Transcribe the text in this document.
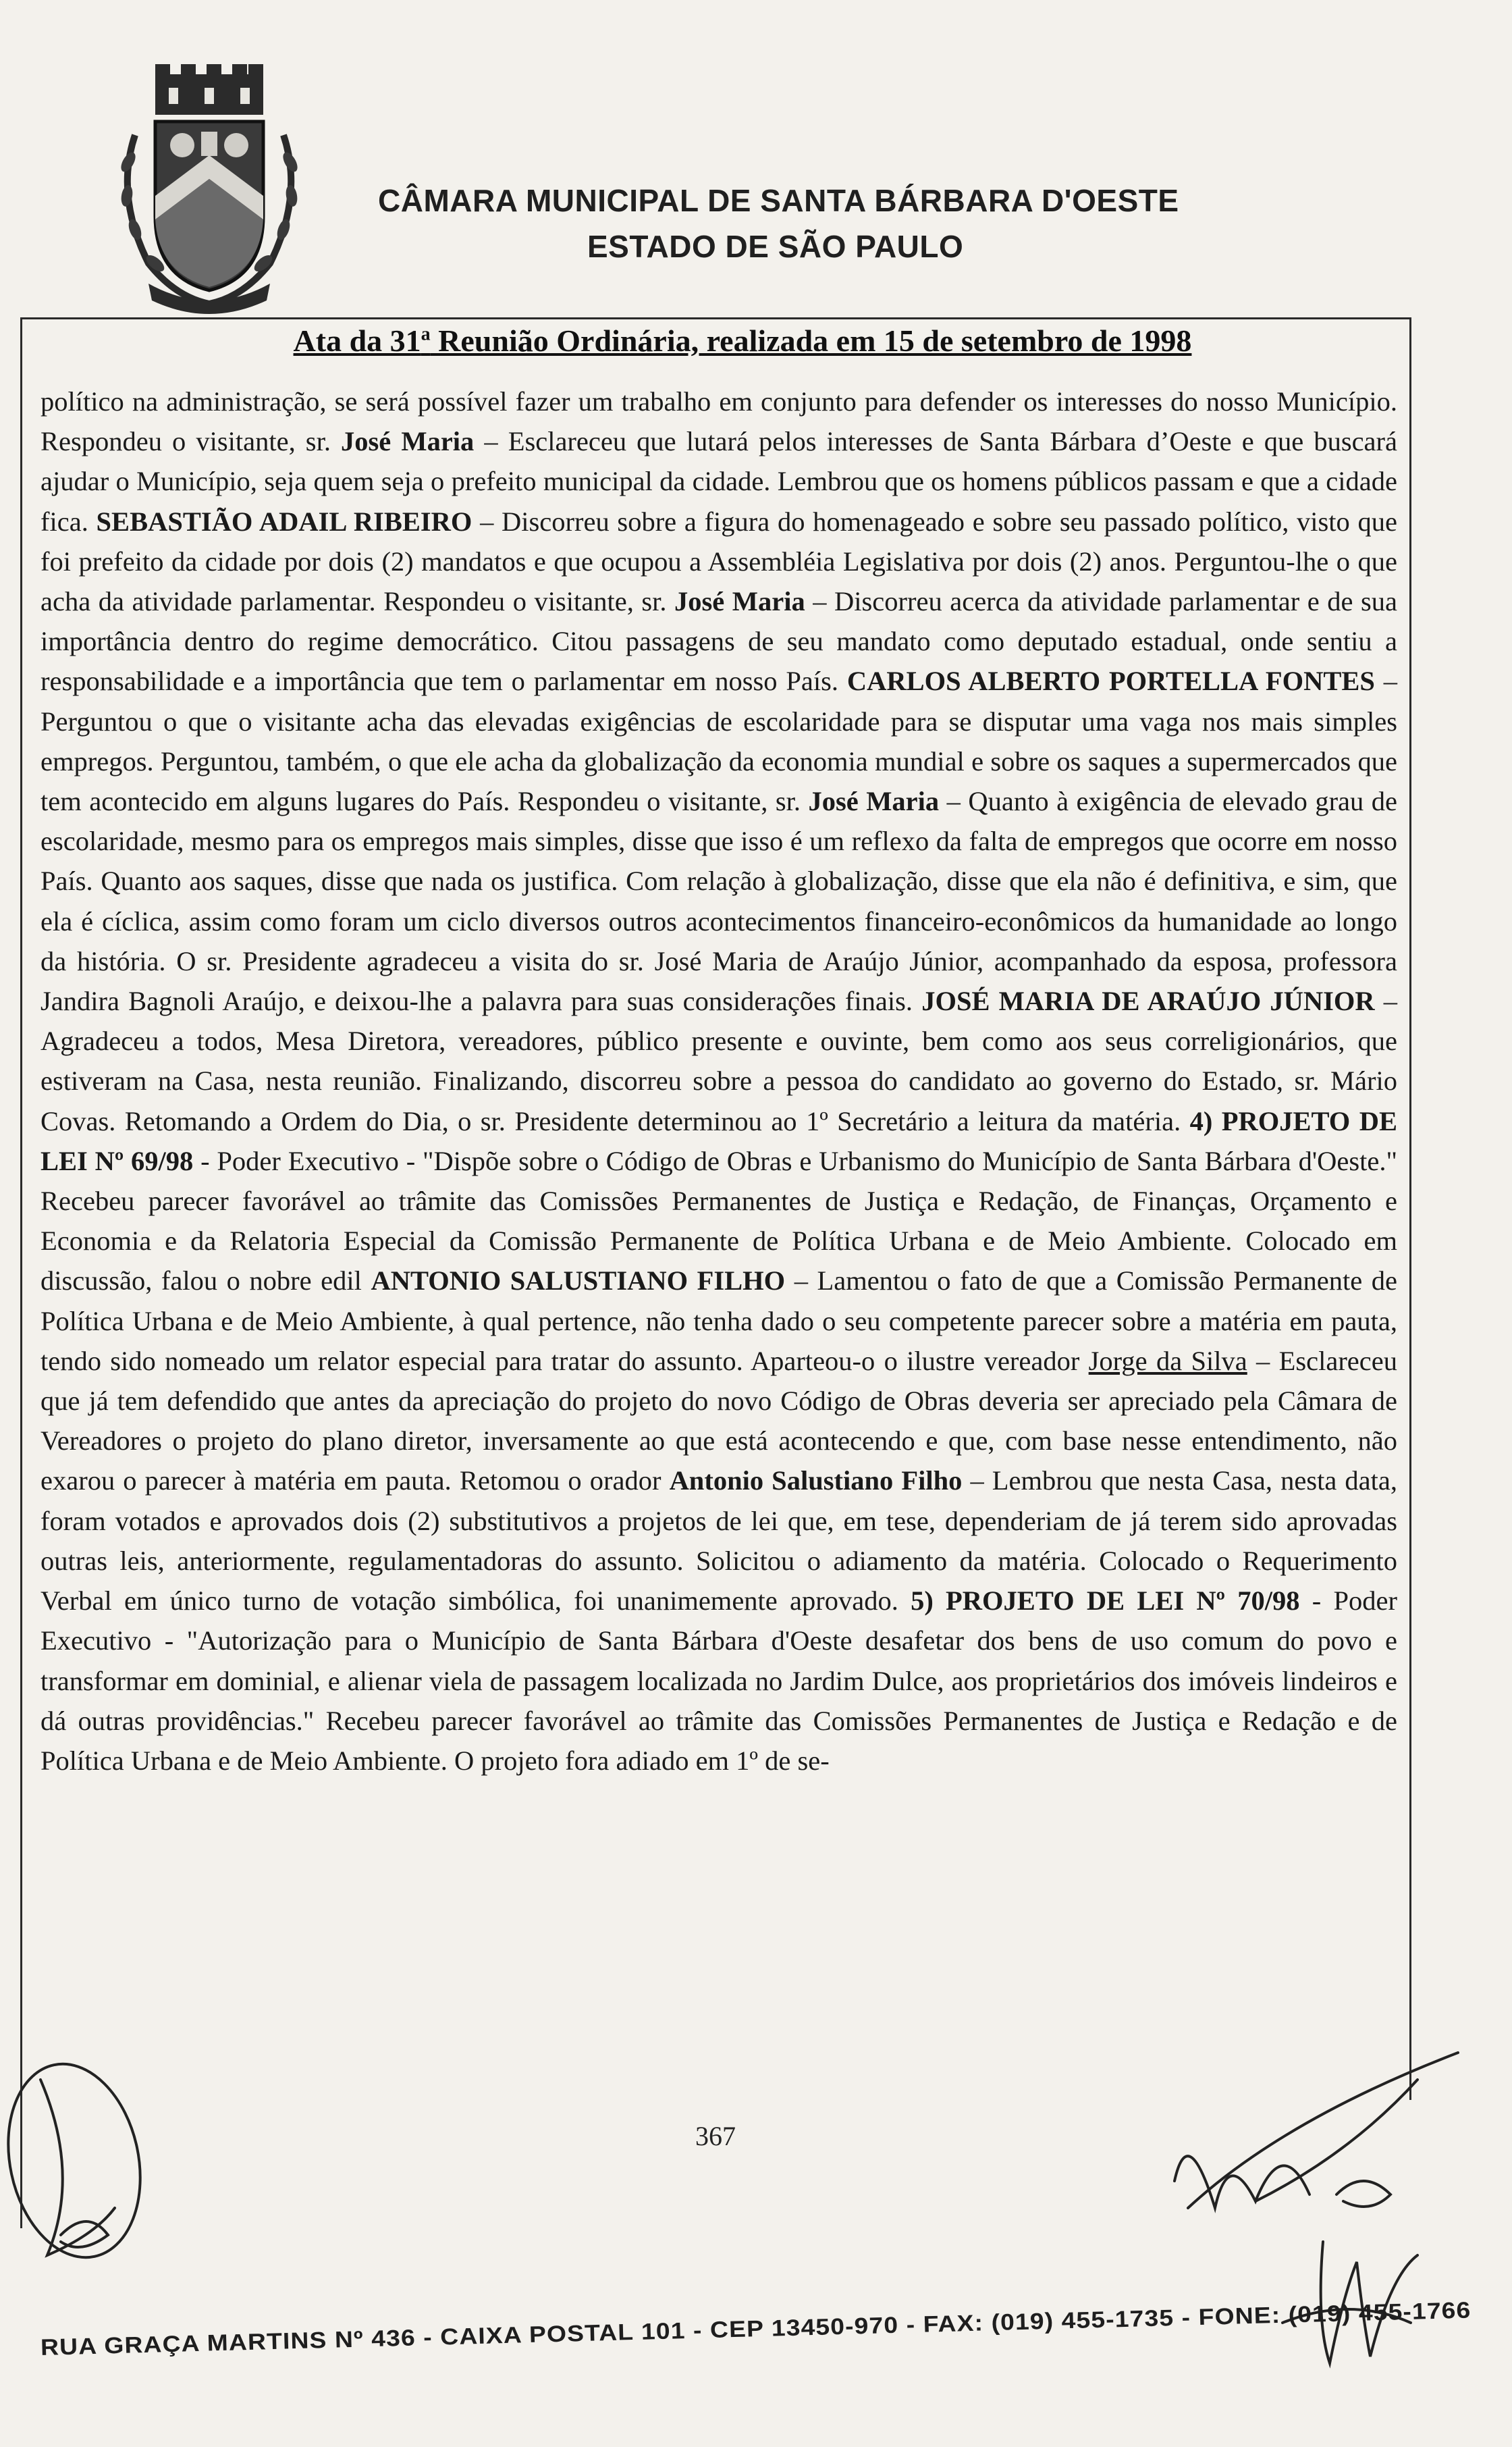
CÂMARA MUNICIPAL DE SANTA BÁRBARA D'OESTE
ESTADO DE SÃO PAULO
Ata da 31$^a$ Reunião Ordinária, realizada em 15 de setembro de 1998

político na administração, se será possível fazer um trabalho em conjunto para defender os interesses do nosso Município. Respondeu o visitante, sr. José Maria – Esclareceu que lutará pelos interesses de Santa Bárbara d’Oeste e que buscará ajudar o Município, seja quem seja o prefeito municipal da cidade. Lembrou que os homens públicos passam e que a cidade fica. SEBASTIÃO ADAIL RIBEIRO – Discorreu sobre a figura do homenageado e sobre seu passado político, visto que foi prefeito da cidade por dois (2) mandatos e que ocupou a Assembléia Legislativa por dois (2) anos. Perguntou-lhe o que acha da atividade parlamentar. Respondeu o visitante, sr. José Maria – Discorreu acerca da atividade parlamentar e de sua importância dentro do regime democrático. Citou passagens de seu mandato como deputado estadual, onde sentiu a responsabilidade e a importância que tem o parlamentar em nosso País. CARLOS ALBERTO PORTELLA FONTES – Perguntou o que o visitante acha das elevadas exigências de escolaridade para se disputar uma vaga nos mais simples empregos. Perguntou, também, o que ele acha da globalização da economia mundial e sobre os saques a supermercados que tem acontecido em alguns lugares do País. Respondeu o visitante, sr. José Maria – Quanto à exigência de elevado grau de escolaridade, mesmo para os empregos mais simples, disse que isso é um reflexo da falta de empregos que ocorre em nosso País. Quanto aos saques, disse que nada os justifica. Com relação à globalização, disse que ela não é definitiva, e sim, que ela é cíclica, assim como foram um ciclo diversos outros acontecimentos financeiro-econômicos da humanidade ao longo da história. O sr. Presidente agradeceu a visita do sr. José Maria de Araújo Júnior, acompanhado da esposa, professora Jandira Bagnoli Araújo, e deixou-lhe a palavra para suas considerações finais. JOSÉ MARIA DE ARAÚJO JÚNIOR – Agradeceu a todos, Mesa Diretora, vereadores, público presente e ouvinte, bem como aos seus correligionários, que estiveram na Casa, nesta reunião. Finalizando, discorreu sobre a pessoa do candidato ao governo do Estado, sr. Mário Covas. Retomando a Ordem do Dia, o sr. Presidente determinou ao 1º Secretário a leitura da matéria. 4) PROJETO DE LEI Nº 69/98 - Poder Executivo - "Dispõe sobre o Código de Obras e Urbanismo do Município de Santa Bárbara d'Oeste." Recebeu parecer favorável ao trâmite das Comissões Permanentes de Justiça e Redação, de Finanças, Orçamento e Economia e da Relatoria Especial da Comissão Permanente de Política Urbana e de Meio Ambiente. Colocado em discussão, falou o nobre edil ANTONIO SALUSTIANO FILHO – Lamentou o fato de que a Comissão Permanente de Política Urbana e de Meio Ambiente, à qual pertence, não tenha dado o seu competente parecer sobre a matéria em pauta, tendo sido nomeado um relator especial para tratar do assunto. Aparteou-o o ilustre vereador Jorge da Silva – Esclareceu que já tem defendido que antes da apreciação do projeto do novo Código de Obras deveria ser apreciado pela Câmara de Vereadores o projeto do plano diretor, inversamente ao que está acontecendo e que, com base nesse entendimento, não exarou o parecer à matéria em pauta. Retomou o orador Antonio Salustiano Filho – Lembrou que nesta Casa, nesta data, foram votados e aprovados dois (2) substitutivos a projetos de lei que, em tese, dependeriam de já terem sido aprovadas outras leis, anteriormente, regulamentadoras do assunto. Solicitou o adiamento da matéria. Colocado o Requerimento Verbal em único turno de votação simbólica, foi unanimemente aprovado. 5) PROJETO DE LEI Nº 70/98 - Poder Executivo - "Autorização para o Município de Santa Bárbara d'Oeste desafetar dos bens de uso comum do povo e transformar em dominial, e alienar viela de passagem localizada no Jardim Dulce, aos proprietários dos imóveis lindeiros e dá outras providências." Recebeu parecer favorável ao trâmite das Comissões Permanentes de Justiça e Redação e de Política Urbana e de Meio Ambiente. O projeto fora adiado em 1º de se-

367
RUA GRAÇA MARTINS Nº 436 - CAIXA POSTAL 101 - CEP 13450-970 - FAX: (019) 455-1735 - FONE: (019) 455-1766
